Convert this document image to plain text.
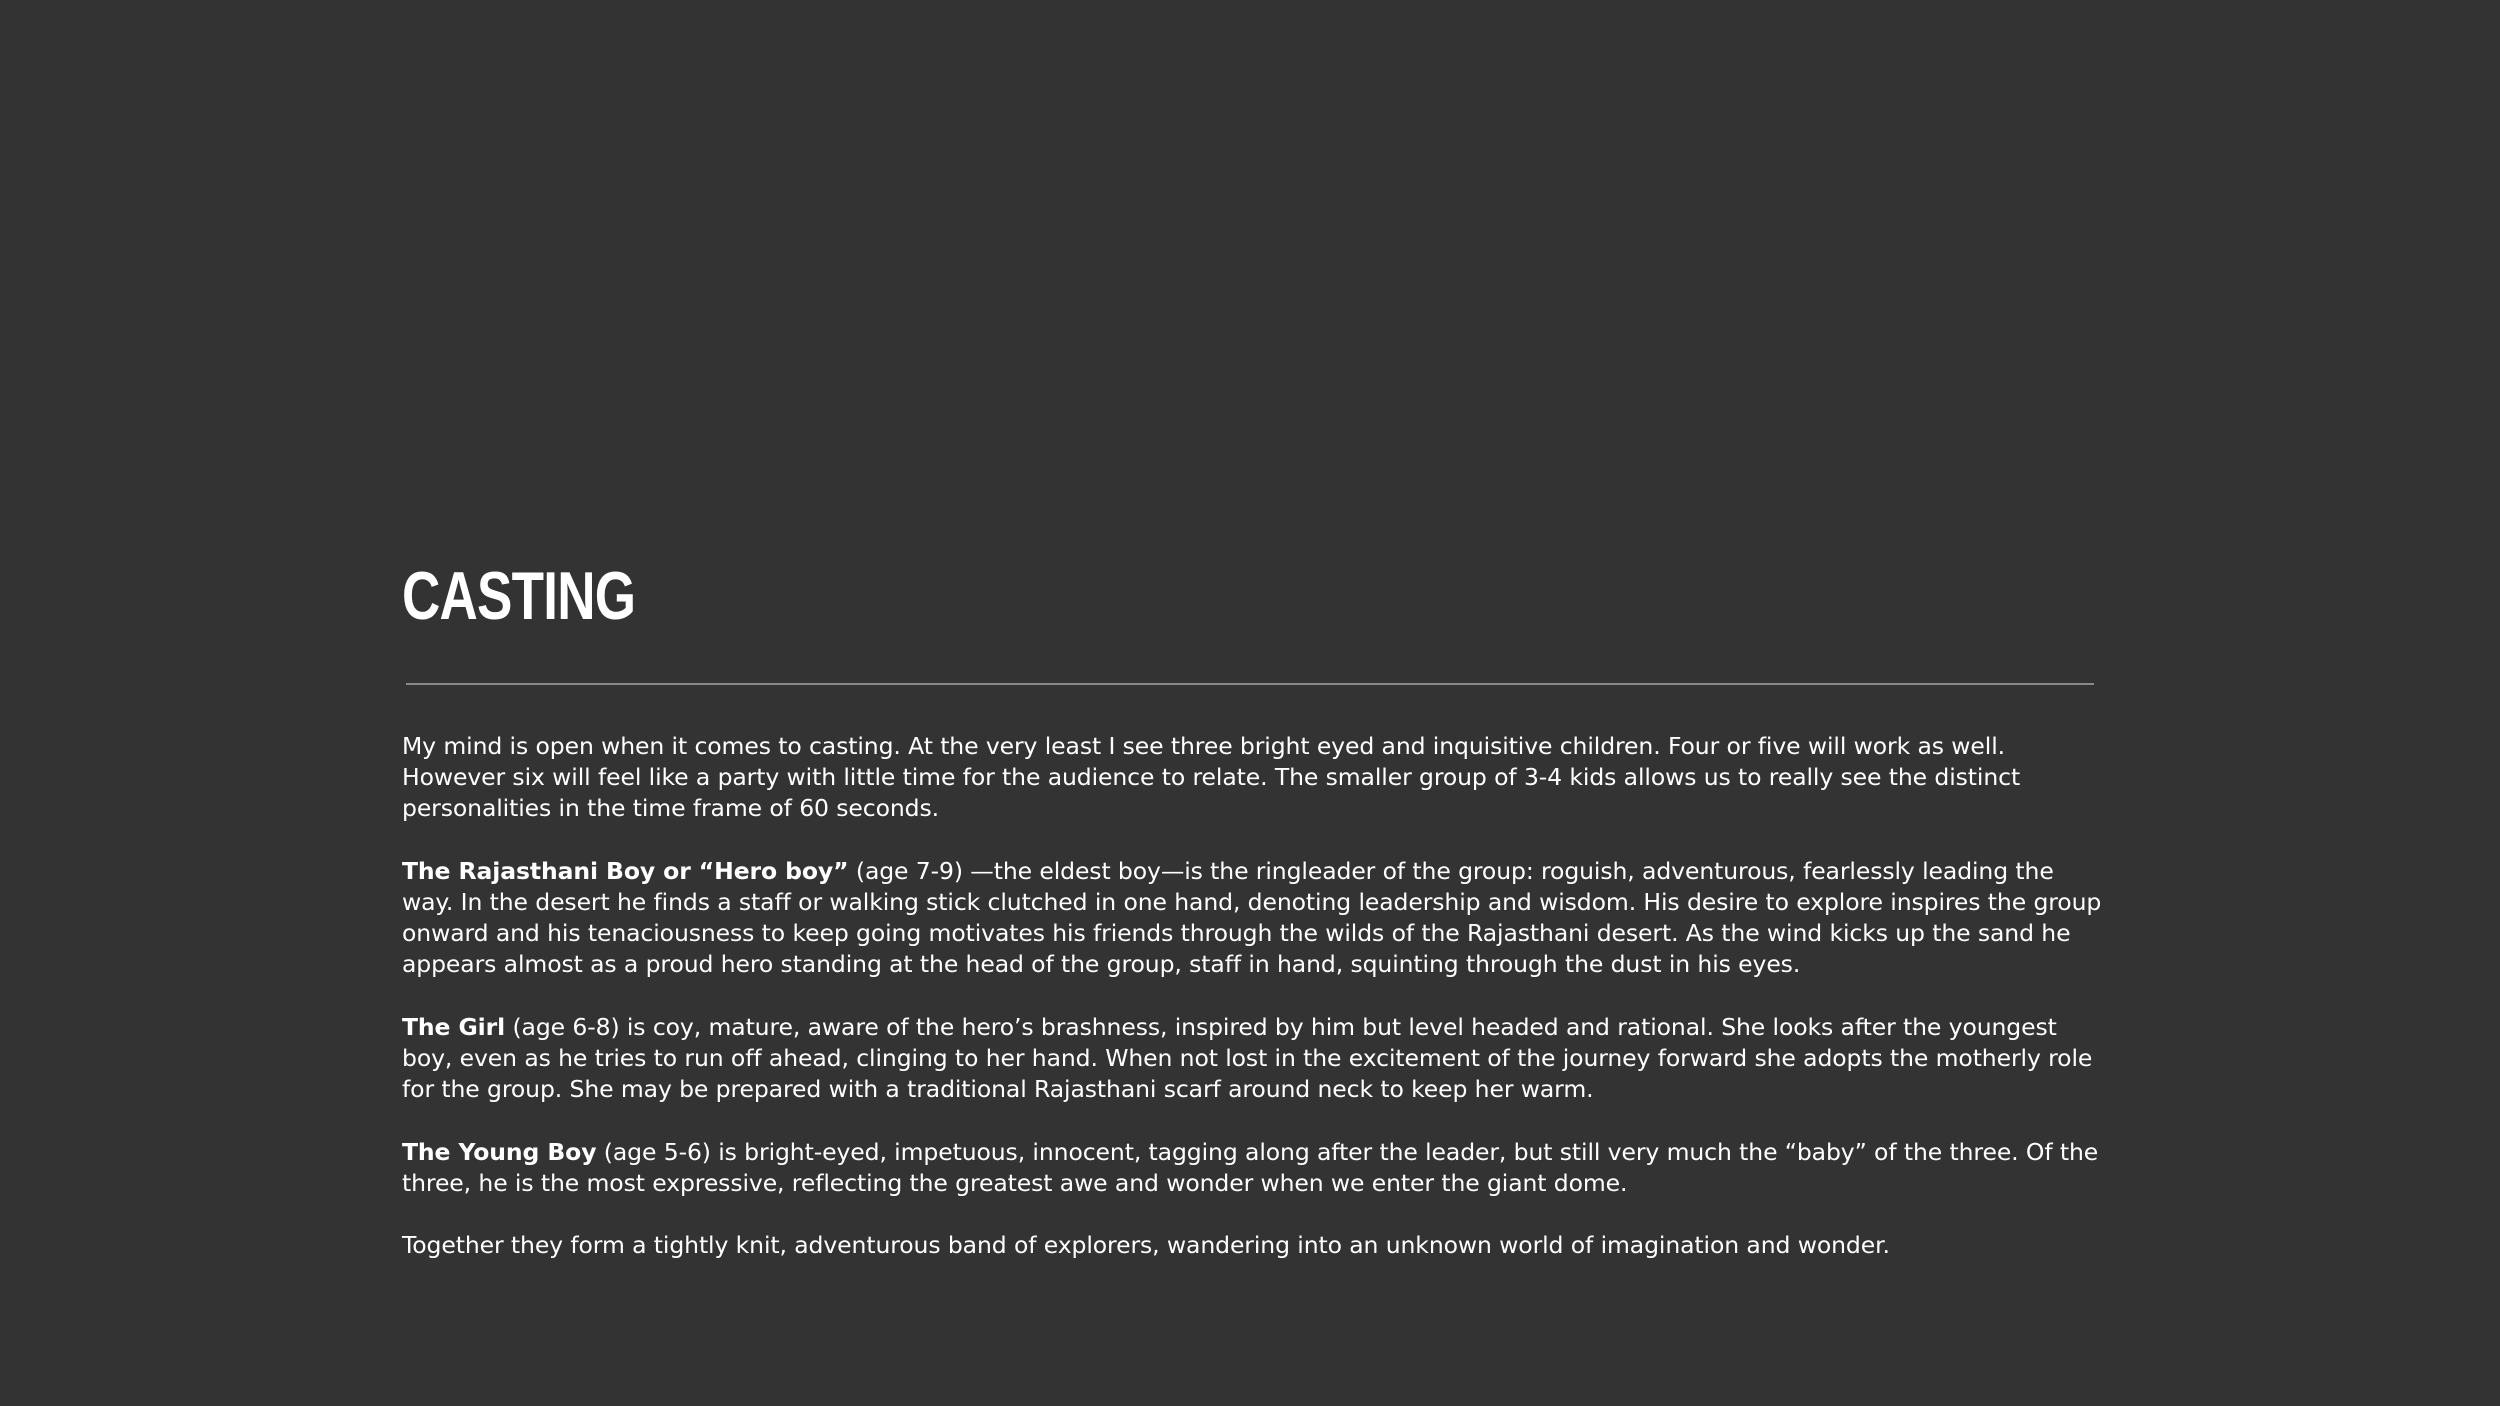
CASTING

My mind is open when it comes to casting. At the very least I see three bright eyed and inquisitive children. Four or five will work as well. However six will feel like a party with little time for the audience to relate. The smaller group of 3-4 kids allows us to really see the distinct personalities in the time frame of 60 seconds.

The Rajasthani Boy or “Hero boy” (age 7-9) —the eldest boy—is the ringleader of the group: roguish, adventurous, fearlessly leading the way. In the desert he finds a staff or walking stick clutched in one hand, denoting leadership and wisdom. His desire to explore inspires the group onward and his tenaciousness to keep going motivates his friends through the wilds of the Rajasthani desert. As the wind kicks up the sand he appears almost as a proud hero standing at the head of the group, staff in hand, squinting through the dust in his eyes.

The Girl (age 6-8) is coy, mature, aware of the hero’s brashness, inspired by him but level headed and rational. She looks after the youngest boy, even as he tries to run off ahead, clinging to her hand. When not lost in the excitement of the journey forward she adopts the motherly role for the group. She may be prepared with a traditional Rajasthani scarf around neck to keep her warm.

The Young Boy (age 5-6) is bright-eyed, impetuous, innocent, tagging along after the leader, but still very much the “baby” of the three. Of the three, he is the most expressive, reflecting the greatest awe and wonder when we enter the giant dome.

Together they form a tightly knit, adventurous band of explorers, wandering into an unknown world of imagination and wonder.
